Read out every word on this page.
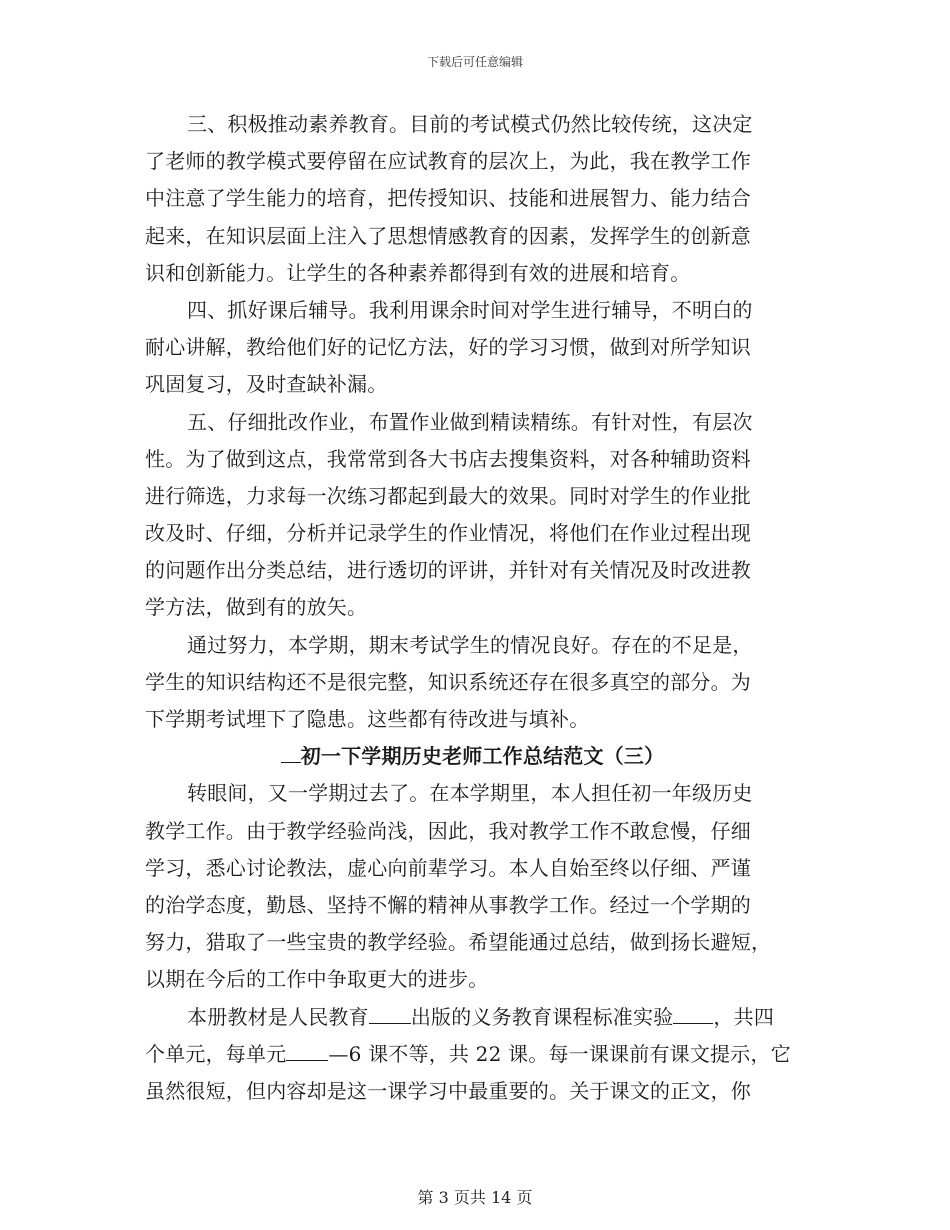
下载后可任意编辑
三、积极推动素养教育。目前的考试模式仍然比较传统，这决定
了老师的教学模式要停留在应试教育的层次上，为此，我在教学工作
中注意了学生能力的培育，把传授知识、技能和进展智力、能力结合
起来，在知识层面上注入了思想情感教育的因素，发挥学生的创新意
识和创新能力。让学生的各种素养都得到有效的进展和培育。
四、抓好课后辅导。我利用课余时间对学生进行辅导，不明白的
耐心讲解，教给他们好的记忆方法，好的学习习惯，做到对所学知识
巩固复习，及时查缺补漏。
五、仔细批改作业，布置作业做到精读精练。有针对性，有层次
性。为了做到这点，我常常到各大书店去搜集资料，对各种辅助资料
进行筛选，力求每一次练习都起到最大的效果。同时对学生的作业批
改及时、仔细，分析并记录学生的作业情况，将他们在作业过程出现
的问题作出分类总结，进行透切的评讲，并针对有关情况及时改进教
学方法，做到有的放矢。
通过努力，本学期，期末考试学生的情况良好。存在的不足是，
学生的知识结构还不是很完整，知识系统还存在很多真空的部分。为
下学期考试埋下了隐患。这些都有待改进与填补。
初一下学期历史老师工作总结范文（三）
转眼间，又一学期过去了。在本学期里，本人担任初一年级历史
教学工作。由于教学经验尚浅，因此，我对教学工作不敢怠慢，仔细
学习，悉心讨论教法，虚心向前辈学习。本人自始至终以仔细、严谨
的治学态度，勤恳、坚持不懈的精神从事教学工作。经过一个学期的
努力，猎取了一些宝贵的教学经验。希望能通过总结，做到扬长避短，
以期在今后的工作中争取更大的进步。
本册教材是人民教育 出版的义务教育课程标准实验 ，共四
个单元，每单元 —6 课不等，共 22 课。每一课课前有课文提示，它
虽然很短，但内容却是这一课学习中最重要的。关于课文的正文，你
第 3 页共 14 页
